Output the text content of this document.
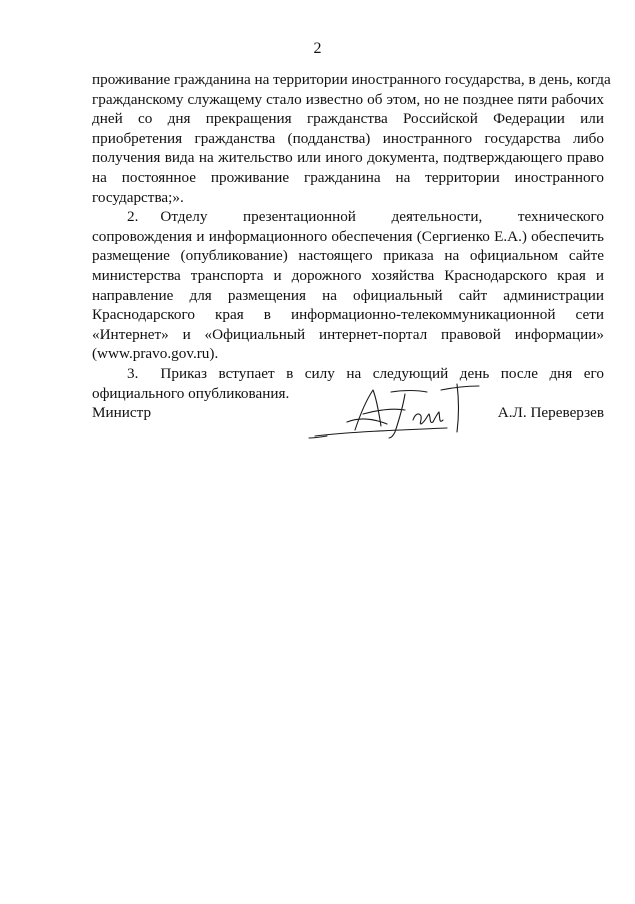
2

проживание гражданина на территории иностранного государства, в день, когда
гражданскому служащему стало известно об этом, но не позднее пяти рабочих
дней со дня прекращения гражданства Российской Федерации или
приобретения гражданства (подданства) иностранного государства либо
получения вида на жительство или иного документа, подтверждающего право
на постоянное проживание гражданина на территории иностранного
государства;».

2. Отделу презентационной деятельности, технического
сопровождения и информационного обеспечения (Сергиенко Е.А.) обеспечить
размещение (опубликование) настоящего приказа на официальном сайте
министерства транспорта и дорожного хозяйства Краснодарского края и
направление для размещения на официальный сайт администрации
Краснодарского края в информационно-телекоммуникационной сети
«Интернет» и «Официальный интернет-портал правовой информации»
(www.pravo.gov.ru).

3. Приказ вступает в силу на следующий день после дня его
официального опубликования.

Министр	А.Л. Переверзев
